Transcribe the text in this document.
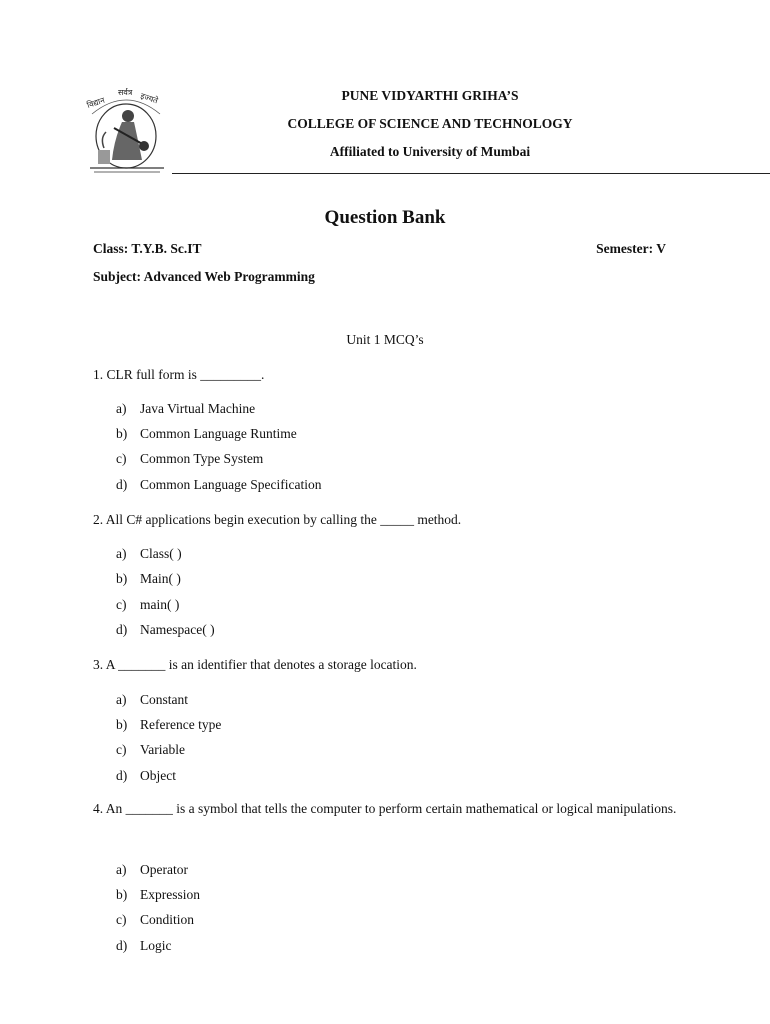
विद्यान
सर्वत्र इज्यते	PUNE VIDYARTHI GRIHA’S
COLLEGE OF SCIENCE AND TECHNOLOGY
Affiliated to University of Mumbai
Question Bank
Class: T.Y.B. Sc.IT	Semester: V
Subject: Advanced Web Programming
Unit 1 MCQ’s
1. CLR full form is _________.
a) Java Virtual Machine
b) Common Language Runtime
c) Common Type System
d) Common Language Specification
2. All C# applications begin execution by calling the _____ method.
a) Class( )
b) Main( )
c) main( )
d) Namespace( )
3. A _______ is an identifier that denotes a storage location.
a) Constant
b) Reference type
c) Variable
d) Object
4. An _______ is a symbol that tells the computer to perform certain mathematical or logical manipulations.
a) Operator
b) Expression
c) Condition
d) Logic
